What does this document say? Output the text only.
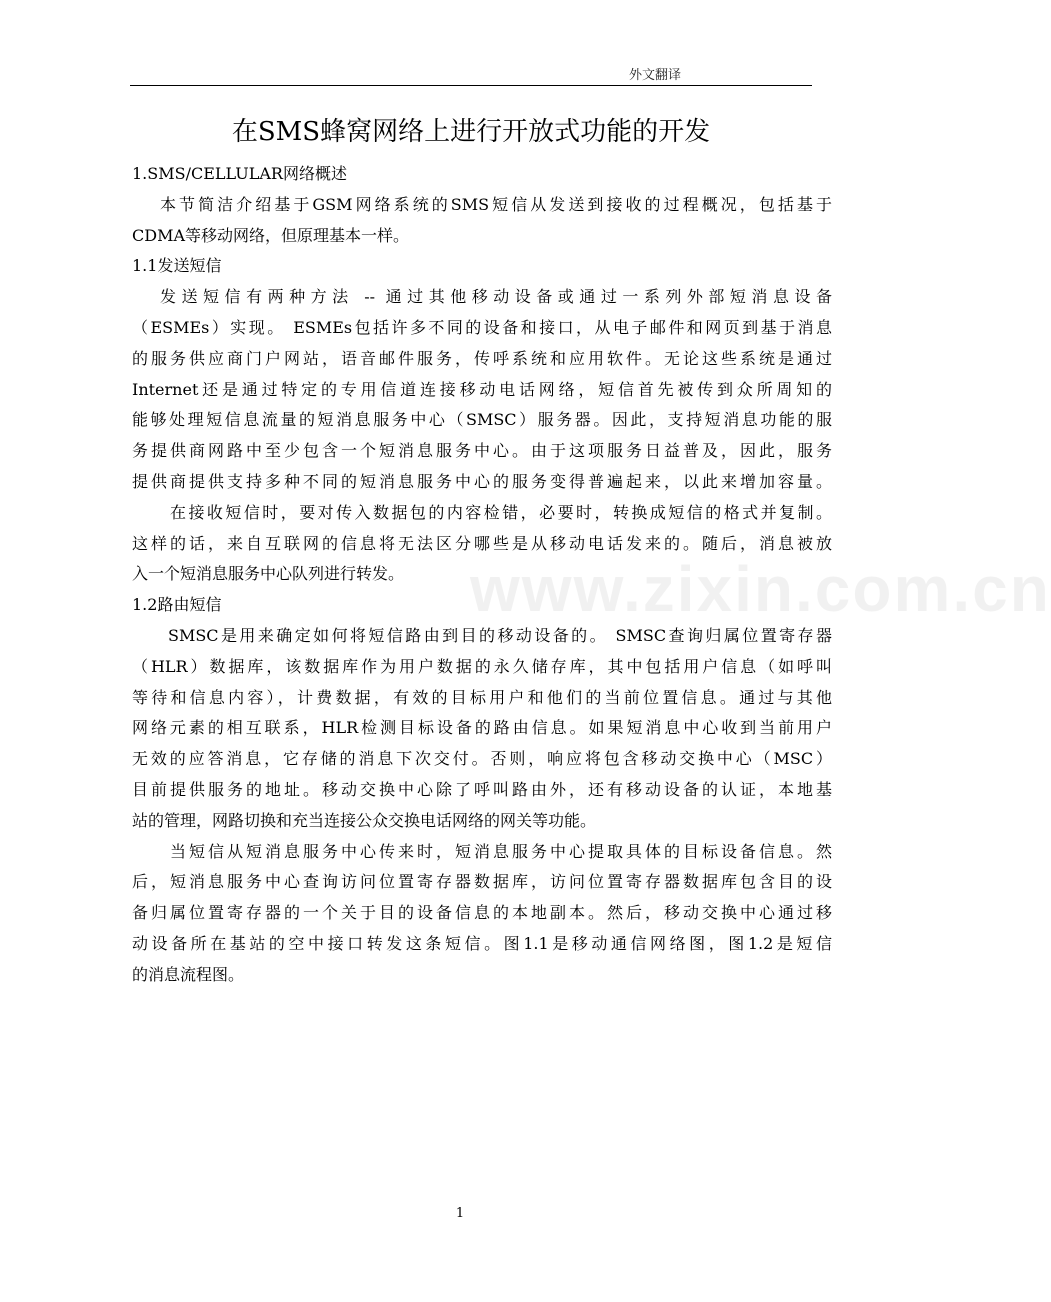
外文翻译
www.zixin.com.cn
在SMS蜂窝网络上进行开放式功能的开发
1.SMS/CELLULAR网络概述
本节简洁介绍基于GSM网络系统的SMS短信从发送到接收的过程概况，包括基于
CDMA等移动网络，但原理基本一样。
1.1发送短信
发送短信有两种方法 -- 通过其他移动设备或通过一系列外部短消息设备
（ESMEs）实现。 ESMEs包括许多不同的设备和接口，从电子邮件和网页到基于消息
的服务供应商门户网站，语音邮件服务，传呼系统和应用软件。无论这些系统是通过
Internet还是通过特定的专用信道连接移动电话网络，短信首先被传到众所周知的
能够处理短信息流量的短消息服务中心（SMSC）服务器。因此，支持短消息功能的服
务提供商网路中至少包含一个短消息服务中心。由于这项服务日益普及，因此，服务
提供商提供支持多种不同的短消息服务中心的服务变得普遍起来，以此来增加容量。
在接收短信时，要对传入数据包的内容检错，必要时，转换成短信的格式并复制。
这样的话，来自互联网的信息将无法区分哪些是从移动电话发来的。随后，消息被放
入一个短消息服务中心队列进行转发。
1.2路由短信
SMSC是用来确定如何将短信路由到目的移动设备的。 SMSC查询归属位置寄存器
（HLR）数据库，该数据库作为用户数据的永久储存库，其中包括用户信息（如呼叫
等待和信息内容），计费数据，有效的目标用户和他们的当前位置信息。通过与其他
网络元素的相互联系，HLR检测目标设备的路由信息。如果短消息中心收到当前用户
无效的应答消息，它存储的消息下次交付。否则，响应将包含移动交换中心（MSC）
目前提供服务的地址。移动交换中心除了呼叫路由外，还有移动设备的认证，本地基
站的管理，网路切换和充当连接公众交换电话网络的网关等功能。
当短信从短消息服务中心传来时，短消息服务中心提取具体的目标设备信息。然
后，短消息服务中心查询访问位置寄存器数据库，访问位置寄存器数据库包含目的设
备归属位置寄存器的一个关于目的设备信息的本地副本。然后，移动交换中心通过移
动设备所在基站的空中接口转发这条短信。图1.1是移动通信网络图，图1.2是短信
的消息流程图。
1
